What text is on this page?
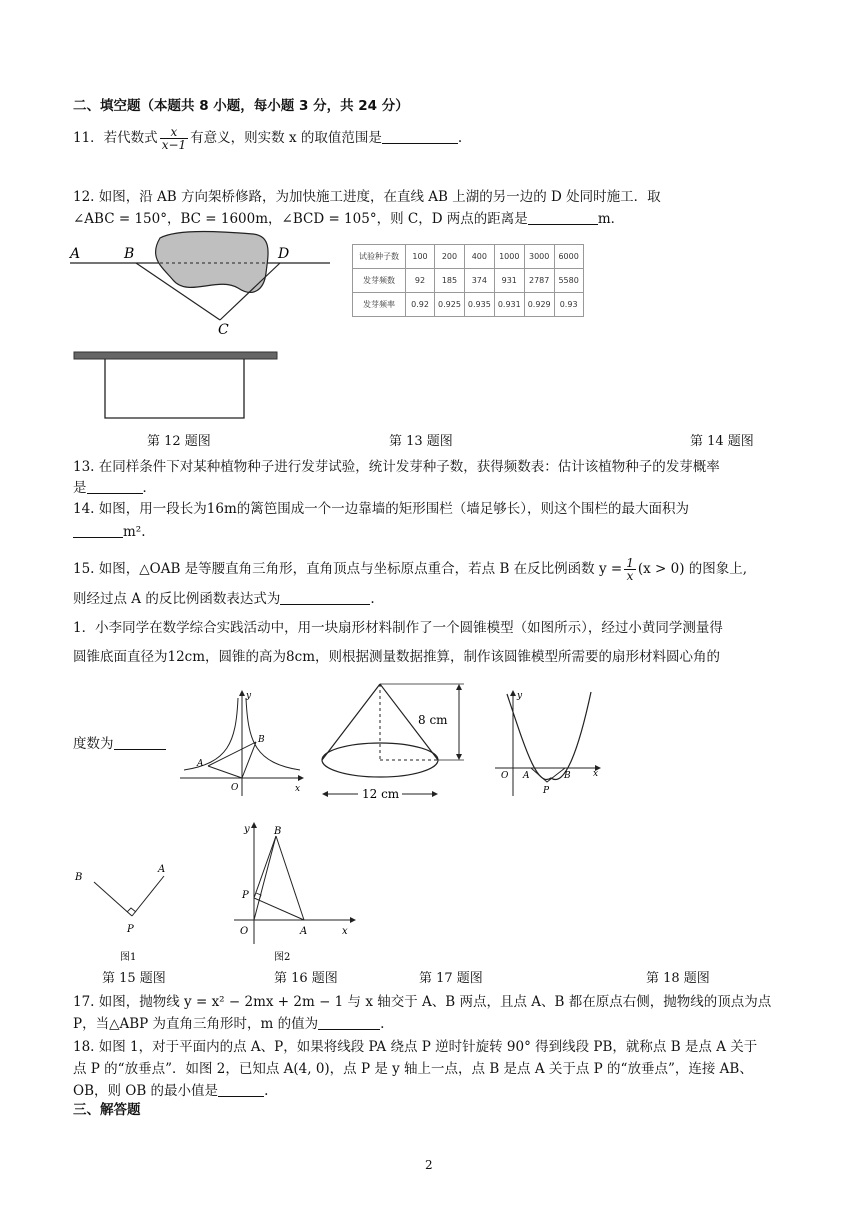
二、填空题（本题共 8 小题，每小题 3 分，共 24 分）
11．若代数式 $\frac{x}{x-1}$ 有意义，则实数 x 的取值范围是	.
12. 如图，沿 AB 方向架桥修路，为加快施工进度，在直线 AB 上湖的另一边的 D 处同时施工．取
∠ABC = 150°，BC = 1600m，∠BCD = 105°，则 C，D 两点的距离是	m．
A	B	D
C
试验种子数	100	200	400	1000	3000	6000
发芽频数	92	185	374	931	2787	5580
发芽频率	0.92	0.925	0.935	0.931	0.929	0.93
第 12 题图	第 13 题图	第 14 题图
13. 在同样条件下对某种植物种子进行发芽试验，统计发芽种子数，获得频数表：估计该植物种子的发芽概率
是	．
14. 如图，用一段长为16m的篱笆围成一个一边靠墙的矩形围栏（墙足够长），则这个围栏的最大面积为
m².
15. 如图，△OAB 是等腰直角三角形，直角顶点与坐标原点重合，若点 B 在反比例函数 $y = \frac{1}{x} (x > 0)$ 的图象上,
则经过点 A 的反比例函数表达式为	.
1．小李同学在数学综合实践活动中，用一块扇形材料制作了一个圆锥模型（如图所示），经过小黄同学测量得
圆锥底面直径为12cm，圆锥的高为8cm，则根据测量数据推算，制作该圆锥模型所需要的扇形材料圆心角的
度数为
y
x
O
A
B
8 cm
12 cm
y
x
O A	B
P
B
A
P
图1
y
x
O	A
B
P
图2
第 15 题图	第 16 题图	第 17 题图	第 18 题图
17. 如图，抛物线 y = x² − 2mx + 2m − 1 与 x 轴交于 A、B 两点，且点 A、B 都在原点右侧，抛物线的顶点为点
P，当△ABP 为直角三角形时，m 的值为	.
18. 如图 1，对于平面内的点 A、P，如果将线段 PA 绕点 P 逆时针旋转 90° 得到线段 PB，就称点 B 是点 A 关于
点 P 的“放垂点”．如图 2，已知点 A(4, 0)，点 P 是 y 轴上一点，点 B 是点 A 关于点 P 的“放垂点”，连接 AB、
OB，则 OB 的最小值是	.
三、解答题
2
